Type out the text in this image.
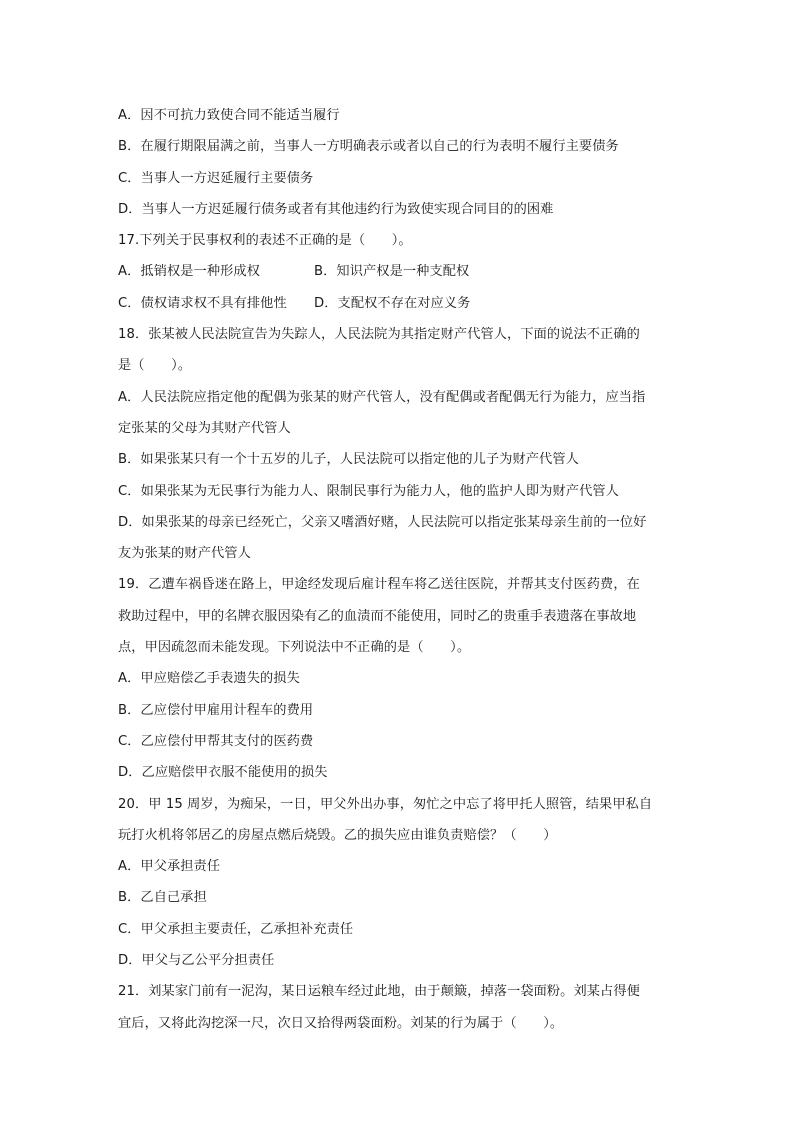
A．因不可抗力致使合同不能适当履行
B．在履行期限届满之前，当事人一方明确表示或者以自己的行为表明不履行主要债务
C．当事人一方迟延履行主要债务
D．当事人一方迟延履行债务或者有其他违约行为致使实现合同目的的困难
17.下列关于民事权利的表述不正确的是（　　）。
A．抵销权是一种形成权	B．知识产权是一种支配权
C．债权请求权不具有排他性	D．支配权不存在对应义务
18．张某被人民法院宣告为失踪人，人民法院为其指定财产代管人，下面的说法不正确的
是（　　）。
A．人民法院应指定他的配偶为张某的财产代管人，没有配偶或者配偶无行为能力，应当指
定张某的父母为其财产代管人
B．如果张某只有一个十五岁的儿子，人民法院可以指定他的儿子为财产代管人
C．如果张某为无民事行为能力人、限制民事行为能力人，他的监护人即为财产代管人
D．如果张某的母亲已经死亡，父亲又嗜酒好赌，人民法院可以指定张某母亲生前的一位好
友为张某的财产代管人
19．乙遭车祸昏迷在路上，甲途经发现后雇计程车将乙送往医院，并帮其支付医药费，在
救助过程中，甲的名牌衣服因染有乙的血渍而不能使用，同时乙的贵重手表遗落在事故地
点，甲因疏忽而未能发现。下列说法中不正确的是（　　）。
A．甲应赔偿乙手表遗失的损失
B．乙应偿付甲雇用计程车的费用
C．乙应偿付甲帮其支付的医药费
D．乙应赔偿甲衣服不能使用的损失
20．甲 15 周岁，为痴呆，一日，甲父外出办事，匆忙之中忘了将甲托人照管，结果甲私自
玩打火机将邻居乙的房屋点燃后烧毁。乙的损失应由谁负责赔偿？（　　）
A．甲父承担责任
B．乙自己承担
C．甲父承担主要责任，乙承担补充责任
D．甲父与乙公平分担责任
21．刘某家门前有一泥沟，某日运粮车经过此地，由于颠簸，掉落一袋面粉。刘某占得便
宜后，又将此沟挖深一尺，次日又拾得两袋面粉。刘某的行为属于（　　）。
